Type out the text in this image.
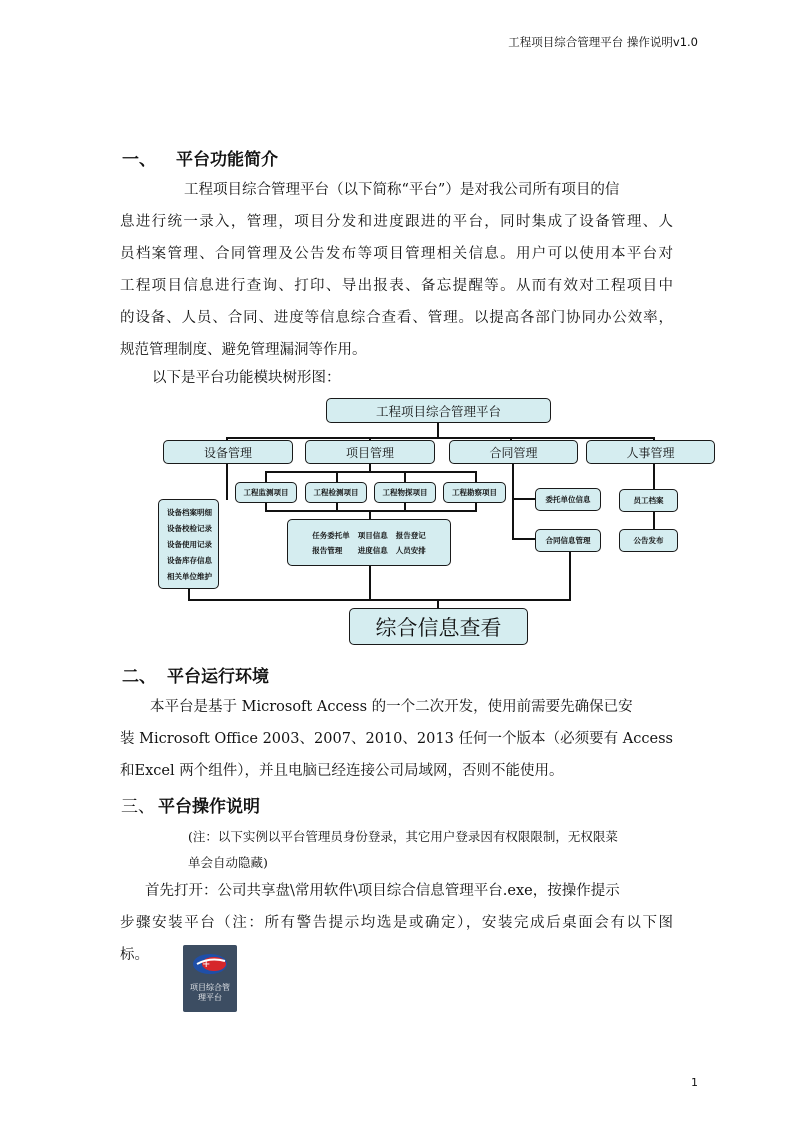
工程项目综合管理平台 操作说明v1.0
一、 平台功能简介
工程项目综合管理平台（以下简称“平台”）是对我公司所有项目的信
息进行统一录入，管理，项目分发和进度跟进的平台，同时集成了设备管理、人
员档案管理、合同管理及公告发布等项目管理相关信息。用户可以使用本平台对
工程项目信息进行查询、打印、导出报表、备忘提醒等。从而有效对工程项目中
的设备、人员、合同、进度等信息综合查看、管理。以提高各部门协同办公效率，
规范管理制度、避免管理漏洞等作用。
以下是平台功能模块树形图：
工程项目综合管理平台
设备管理	项目管理	合同管理	人事管理
工程监测项目	工程检测项目	工程物探项目	工程勘察项目
任务委托单 项目信息 报告登记
报告管理	进度信息 人员安排
设备档案明细
设备校检记录
设备使用记录
设备库存信息
相关单位维护
委托单位信息
合同信息管理
员工档案
公告发布
综合信息查看
二、 平台运行环境
本平台是基于 Microsoft Access 的一个二次开发，使用前需要先确保已安
装 Microsoft Office 2003、2007、2010、2013 任何一个版本（必须要有 Access
和Excel 两个组件），并且电脑已经连接公司局域网，否则不能使用。
三、 平台操作说明
(注：以下实例以平台管理员身份登录，其它用户登录因有权限限制，无权限菜
单会自动隐藏)
首先打开：公司共享盘\常用软件\项目综合信息管理平台.exe，按操作提示
步骤安装平台（注：所有警告提示均选是或确定），安装完成后桌面会有以下图
标。
+
项目综合管
理平台
1
